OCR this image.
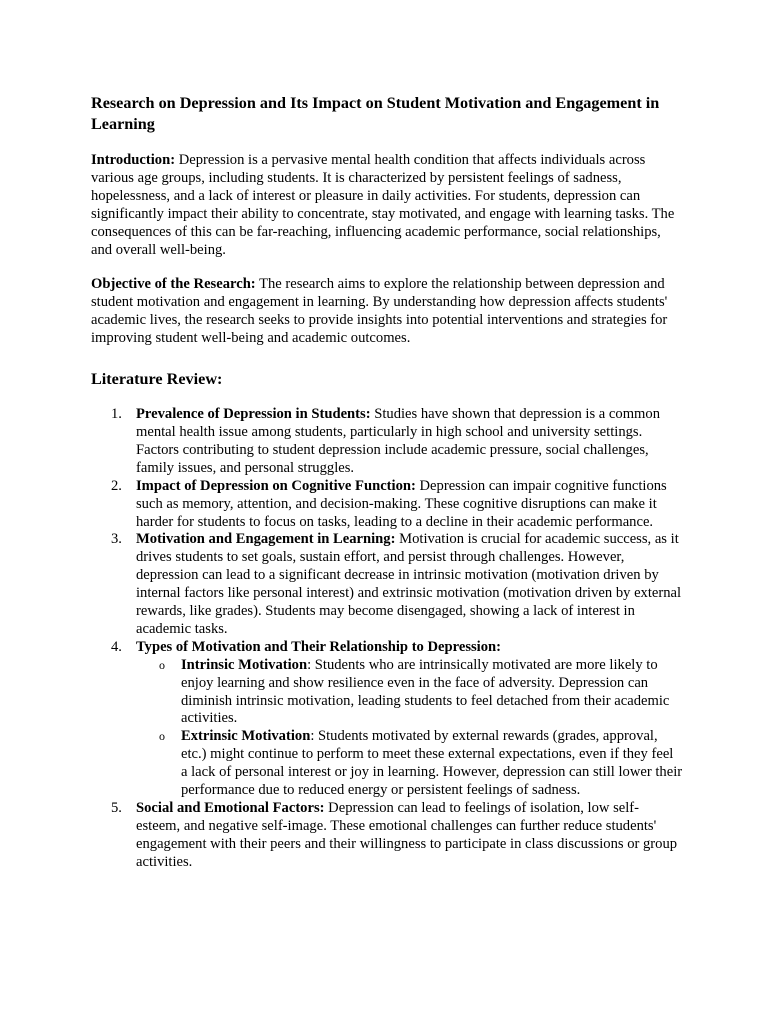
Research on Depression and Its Impact on Student Motivation and Engagement in Learning

Introduction: Depression is a pervasive mental health condition that affects individuals across various age groups, including students. It is characterized by persistent feelings of sadness, hopelessness, and a lack of interest or pleasure in daily activities. For students, depression can significantly impact their ability to concentrate, stay motivated, and engage with learning tasks. The consequences of this can be far-reaching, influencing academic performance, social relationships, and overall well-being.

Objective of the Research: The research aims to explore the relationship between depression and student motivation and engagement in learning. By understanding how depression affects students' academic lives, the research seeks to provide insights into potential interventions and strategies for improving student well-being and academic outcomes.

Literature Review:
1. Prevalence of Depression in Students: Studies have shown that depression is a common mental health issue among students, particularly in high school and university settings. Factors contributing to student depression include academic pressure, social challenges, family issues, and personal struggles.
2. Impact of Depression on Cognitive Function: Depression can impair cognitive functions such as memory, attention, and decision-making. These cognitive disruptions can make it harder for students to focus on tasks, leading to a decline in their academic performance.
3. Motivation and Engagement in Learning: Motivation is crucial for academic success, as it drives students to set goals, sustain effort, and persist through challenges. However, depression can lead to a significant decrease in intrinsic motivation (motivation driven by internal factors like personal interest) and extrinsic motivation (motivation driven by external rewards, like grades). Students may become disengaged, showing a lack of interest in academic tasks.
4. Types of Motivation and Their Relationship to Depression:
o Intrinsic Motivation: Students who are intrinsically motivated are more likely to enjoy learning and show resilience even in the face of adversity. Depression can diminish intrinsic motivation, leading students to feel detached from their academic activities.
o Extrinsic Motivation: Students motivated by external rewards (grades, approval, etc.) might continue to perform to meet these external expectations, even if they feel a lack of personal interest or joy in learning. However, depression can still lower their performance due to reduced energy or persistent feelings of sadness.
5. Social and Emotional Factors: Depression can lead to feelings of isolation, low self-esteem, and negative self-image. These emotional challenges can further reduce students' engagement with their peers and their willingness to participate in class discussions or group activities.
